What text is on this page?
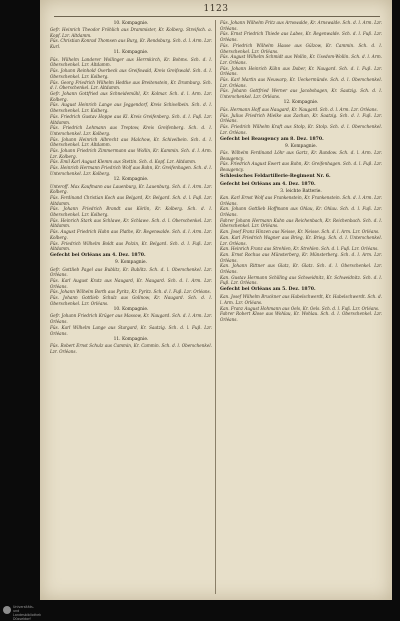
1123

10. Kompagnie.

Gefr. Heinrich Theodor Fröhlich aus Drammister, Kr. Kolberg. Streifsch. a. Kopf. Lzr. Altdamm.

Füs. Christian Konrad Thomsen aus Burg, Kr. Rendsburg. Sch. d. l. Arm. Lzr. Kurl.

11. Kompagnie.

Füs. Wilhelm Landerer Wollinger aus Herrnkirch, Kr. Bohms. Sch. d. l. Oberschenkel. Lzr. Altdamm.

Füs. Johann Reinhold Overbeck aus Greifswald, Kreis Greifswald. Sch. d. l. Oberschenkel. Lzr. Kolberg.

Füs. Georg Friedrich Wilhelm Hedtke aus Breitenstein, Kr. Dramburg. Sch. d. l. Oberschenkel. Lzr. Altdamm.

Gefr. Johann Gottfried aus Schneidemühl, Kr. Kolmar. Sch. d. l. Arm. Lzr. Kolberg.

Füs. August Heinrich Lange aus Jeggendorf, Kreis Schivelbein. Sch. d. l. Oberschenkel. Lzr. Kolberg.

Füs. Friedrich Gustav Hoppe aus Kl. Kreis Greifenberg. Sch. d. l. Fuß. Lzr. Altdamm.

Füs. Friedrich Lehmann aus Treptow, Kreis Greifenberg. Sch. d. l. Unterschenkel. Lzr. Kolberg.

Füs. Johann Heinrich Albrecht aus Malchow, Kr. Schivelbein. Sch. d. l. Oberschenkel. Lzr. Altdamm.

Füs. Johann Friedrich Zimmermann aus Wollin, Kr. Kammin. Sch. d. l. Arm. Lzr. Kolberg.

Füs. Emil Karl August Klemm aus Stettin. Sch. d. Kopf. Lzr. Altdamm.

Füs. Heinrich Hermann Friedrich Wolf aus Bahn, Kr. Greifenhagen. Sch. d. l. Unterschenkel. Lzr. Kolberg.

12. Kompagnie.

Unteroff. Max Kaufmann aus Lauenburg, Kr. Lauenburg. Sch. d. l. Arm. Lzr. Kolberg.

Füs. Ferdinand Christian Koch aus Belgard, Kr. Belgard. Sch. d. l. Fuß. Lzr. Altdamm.

Füs. Johann Friedrich Brandt aus Körlin, Kr. Kolberg. Sch. d. l. Oberschenkel. Lzr. Kolberg.

Füs. Heinrich Stark aus Schlawe, Kr. Schlawe. Sch. d. l. Oberschenkel. Lzr. Altdamm.

Füs. August Friedrich Hahn aus Plathe, Kr. Regenwalde. Sch. d. l. Arm. Lzr. Kolberg.

Füs. Friedrich Wilhelm Boldt aus Polzin, Kr. Belgard. Sch. d. l. Fuß. Lzr. Altdamm.

Gefecht bei Orléans am 4. Dez. 1870.

9. Kompagnie.

Gefr. Gottlieb Pagel aus Bublitz, Kr. Bublitz. Sch. d. l. Oberschenkel. Lzr. Orléans.

Füs. Karl August Kratz aus Naugard, Kr. Naugard. Sch. d. l. Arm. Lzr. Orléans.

Füs. Johann Wilhelm Borth aus Pyritz, Kr. Pyritz. Sch. d. l. Fuß. Lzr. Orléans.

Füs. Johann Gottlieb Schulz aus Gollnow, Kr. Naugard. Sch. d. l. Oberschenkel. Lzr. Orléans.

10. Kompagnie.

Gefr. Johann Friedrich Krüger aus Massow, Kr. Naugard. Sch. d. l. Arm. Lzr. Orléans.

Füs. Karl Wilhelm Lange aus Stargard, Kr. Saatzig. Sch. d. l. Fuß. Lzr. Orléans.

11. Kompagnie.

Füs. Robert Ernst Schulz aus Cammin, Kr. Cammin. Sch. d. l. Oberschenkel. Lzr. Orléans.

Füs. Johann Wilhelm Fritz aus Arnswalde, Kr. Arnswalde. Sch. d. l. Arm. Lzr. Orléans.

Füs. Ernst Friedrich Thiede aus Labes, Kr. Regenwalde. Sch. d. l. Fuß. Lzr. Orléans.

Füs. Friedrich Wilhelm Haase aus Gülzow, Kr. Cammin. Sch. d. l. Oberschenkel. Lzr. Orléans.

Füs. August Wilhelm Schmidt aus Wollin, Kr. Usedom-Wollin. Sch. d. l. Arm. Lzr. Orléans.

Füs. Johann Heinrich Kühn aus Daber, Kr. Naugard. Sch. d. l. Fuß. Lzr. Orléans.

Füs. Karl Martin aus Neuwarp, Kr. Ueckermünde. Sch. d. l. Oberschenkel. Lzr. Orléans.

Füs. Johann Gottfried Werner aus Jacobshagen, Kr. Saatzig. Sch. d. l. Unterschenkel. Lzr. Orléans.

12. Kompagnie.

Füs. Hermann Hoff aus Naugard, Kr. Naugard. Sch. d. l. Arm. Lzr. Orléans.

Füs. Julius Friedrich Mielke aus Zachan, Kr. Saatzig. Sch. d. l. Fuß. Lzr. Orléans.

Füs. Friedrich Wilhelm Kraft aus Stolp, Kr. Stolp. Sch. d. l. Oberschenkel. Lzr. Orléans.

Gefecht bei Beaugency am 8. Dez. 1870.

9. Kompagnie.

Füs. Wilhelm Ferdinand Löhr aus Gartz, Kr. Randow. Sch. d. l. Arm. Lzr. Beaugency.

Füs. Friedrich August Ewert aus Bahn, Kr. Greifenhagen. Sch. d. l. Fuß. Lzr. Beaugency.

Schlesisches Feldartillerie-Regiment Nr. 6.

Gefecht bei Orléans am 4. Dez. 1870.

3. leichte Batterie.

Kan. Karl Ernst Wolf aus Frankenstein, Kr. Frankenstein. Sch. d. l. Arm. Lzr. Orléans.

Kan. Johann Gottlieb Hoffmann aus Ohlau, Kr. Ohlau. Sch. d. l. Fuß. Lzr. Orléans.

Fahrer Johann Hermann Kuhn aus Reichenbach, Kr. Reichenbach. Sch. d. l. Oberschenkel. Lzr. Orléans.

Kan. Josef Franz Hinzen aus Neisse, Kr. Neisse. Sch. d. l. Arm. Lzr. Orléans.

Kan. Karl Friedrich Wagner aus Brieg, Kr. Brieg. Sch. d. l. Unterschenkel. Lzr. Orléans.

Kan. Heinrich Franz aus Strehlen, Kr. Strehlen. Sch. d. l. Fuß. Lzr. Orléans.

Kan. Ernst Rochus aus Münsterberg, Kr. Münsterberg. Sch. d. l. Arm. Lzr. Orléans.

Kan. Johann Rittner aus Glatz, Kr. Glatz. Sch. d. l. Oberschenkel. Lzr. Orléans.

Kan. Gustav Hermann Schilling aus Schweidnitz, Kr. Schweidnitz. Sch. d. l. Fuß. Lzr. Orléans.

Gefecht bei Orléans am 5. Dez. 1870.

Kan. Josef Wilhelm Bruckner aus Habelschwerdt, Kr. Habelschwerdt. Sch. d. l. Arm. Lzr. Orléans.

Kan. Franz August Hohmann aus Oels, Kr. Oels. Sch. d. l. Fuß. Lzr. Orléans.

Fahrer Robert Klose aus Wohlau, Kr. Wohlau. Sch. d. l. Oberschenkel. Lzr. Orléans.

Universitäts-
